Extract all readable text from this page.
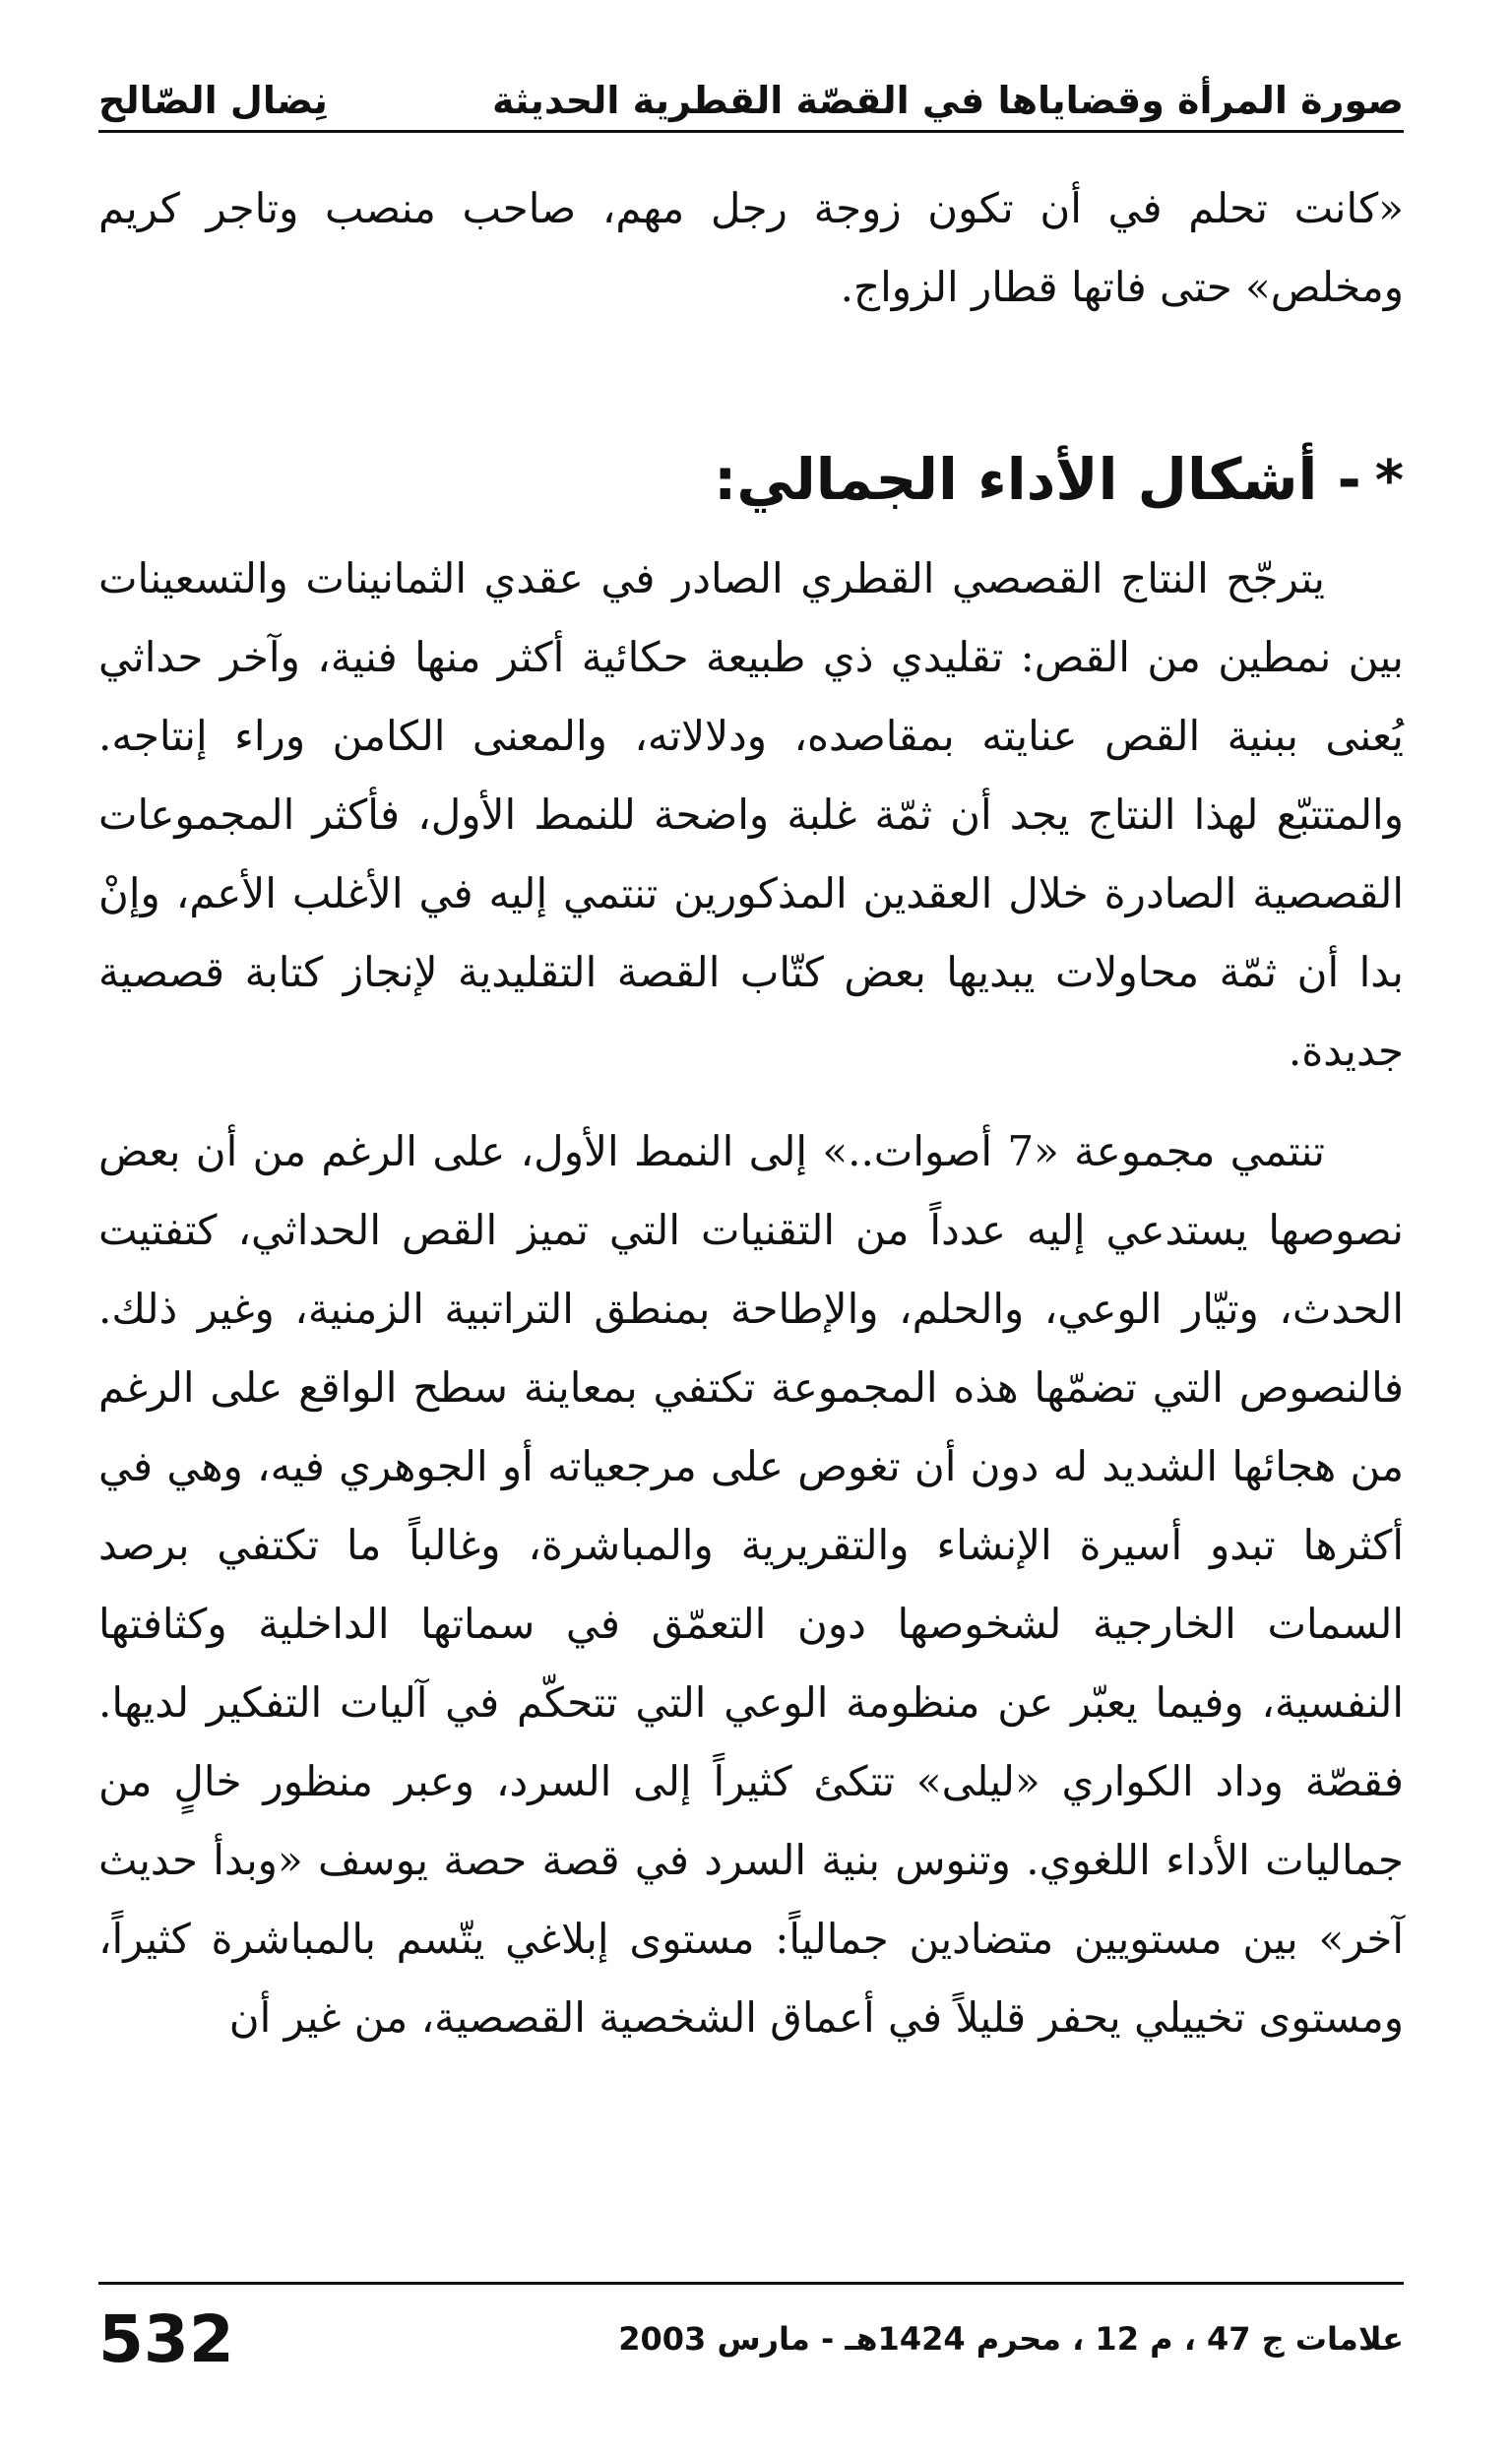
صورة المرأة وقضاياها في القصّة القطرية الحديثة
نِضال الصّالح

«كانت تحلم في أن تكون زوجة رجل مهم، صاحب منصب وتاجر كريم ومخلص» حتى فاتها قطار الزواج.

*- أشكال الأداء الجمالي:

يترجّح النتاج القصصي القطري الصادر في عقدي الثمانينات والتسعينات بين نمطين من القص: تقليدي ذي طبيعة حكائية أكثر منها فنية، وآخر حداثي يُعنى ببنية القص عنايته بمقاصده، ودلالاته، والمعنى الكامن وراء إنتاجه. والمتتبّع لهذا النتاج يجد أن ثمّة غلبة واضحة للنمط الأول، فأكثر المجموعات القصصية الصادرة خلال العقدين المذكورين تنتمي إليه في الأغلب الأعم، وإنْ بدا أن ثمّة محاولات يبديها بعض كتّاب القصة التقليدية لإنجاز كتابة قصصية جديدة.

تنتمي مجموعة «7 أصوات..» إلى النمط الأول، على الرغم من أن بعض نصوصها يستدعي إليه عدداً من التقنيات التي تميز القص الحداثي، كتفتيت الحدث، وتيّار الوعي، والحلم، والإطاحة بمنطق التراتبية الزمنية، وغير ذلك. فالنصوص التي تضمّها هذه المجموعة تكتفي بمعاينة سطح الواقع على الرغم من هجائها الشديد له دون أن تغوص على مرجعياته أو الجوهري فيه، وهي في أكثرها تبدو أسيرة الإنشاء والتقريرية والمباشرة، وغالباً ما تكتفي برصد السمات الخارجية لشخوصها دون التعمّق في سماتها الداخلية وكثافتها النفسية، وفيما يعبّر عن منظومة الوعي التي تتحكّم في آليات التفكير لديها. فقصّة وداد الكواري «ليلى» تتكئ كثيراً إلى السرد، وعبر منظور خالٍ من جماليات الأداء اللغوي. وتنوس بنية السرد في قصة حصة يوسف «وبدأ حديث آخر» بين مستويين متضادين جمالياً: مستوى إبلاغي يتّسم بالمباشرة كثيراً، ومستوى تخييلي يحفر قليلاً في أعماق الشخصية القصصية، من غير أن

علامات ج 47 ، م 12 ، محرم 1424هـ - مارس 2003
532
